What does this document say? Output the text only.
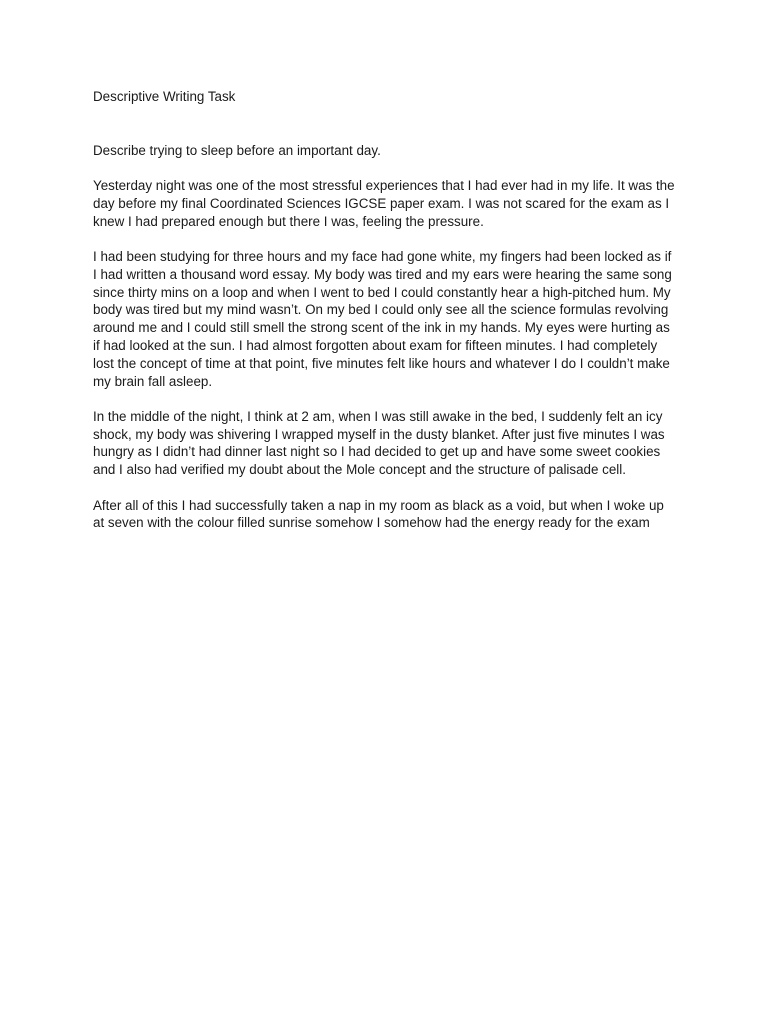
Descriptive Writing Task

Describe trying to sleep before an important day.

Yesterday night was one of the most stressful experiences that I had ever had in my life. It was the day before my final Coordinated Sciences IGCSE paper exam. I was not scared for the exam as I knew I had prepared enough but there I was, feeling the pressure.

I had been studying for three hours and my face had gone white, my fingers had been locked as if I had written a thousand word essay. My body was tired and my ears were hearing the same song since thirty mins on a loop and when I went to bed I could constantly hear a high-pitched hum. My body was tired but my mind wasn’t. On my bed I could only see all the science formulas revolving around me and I could still smell the strong scent of the ink in my hands. My eyes were hurting as if had looked at the sun. I had almost forgotten about exam for fifteen minutes. I had completely lost the concept of time at that point, five minutes felt like hours and whatever I do I couldn’t make my brain fall asleep.

In the middle of the night, I think at 2 am, when I was still awake in the bed, I suddenly felt an icy shock, my body was shivering I wrapped myself in the dusty blanket. After just five minutes I was hungry as I didn’t had dinner last night so I had decided to get up and have some sweet cookies and I also had verified my doubt about the Mole concept and the structure of palisade cell.

After all of this I had successfully taken a nap in my room as black as a void, but when I woke up at seven with the colour filled sunrise somehow I somehow had the energy ready for the exam
